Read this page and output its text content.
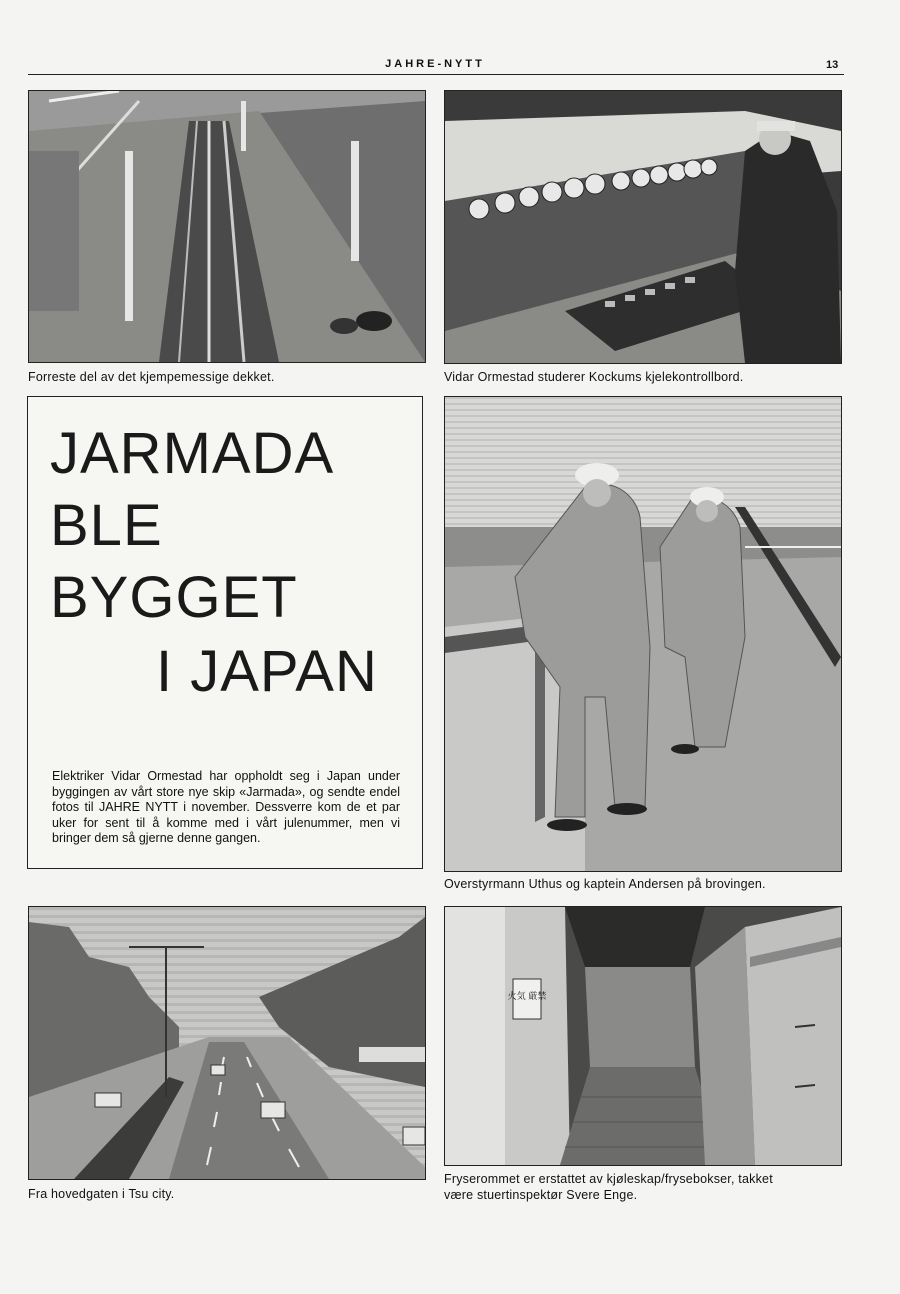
JAHRE-NYTT	13
Forreste del av det kjempemessige dekket.	Vidar Ormestad studerer Kockums kjelekontrollbord.
JARMADA
BLE
BYGGET
I JAPAN
Elektriker Vidar Ormestad har oppholdt seg i Japan under byggingen av vårt store nye skip «Jarmada», og sendte endel fotos til JAHRE NYTT i november. Dessverre kom de et par uker for sent til å komme med i vårt julenummer, men vi bringer dem så gjerne denne gangen.
Overstyrmann Uthus og kaptein Andersen på brovingen.
Fra hovedgaten i Tsu city.
火気 厳禁
Fryserommet er erstattet av kjøleskap/frysebokser, takket være stuertinspektør Svere Enge.
